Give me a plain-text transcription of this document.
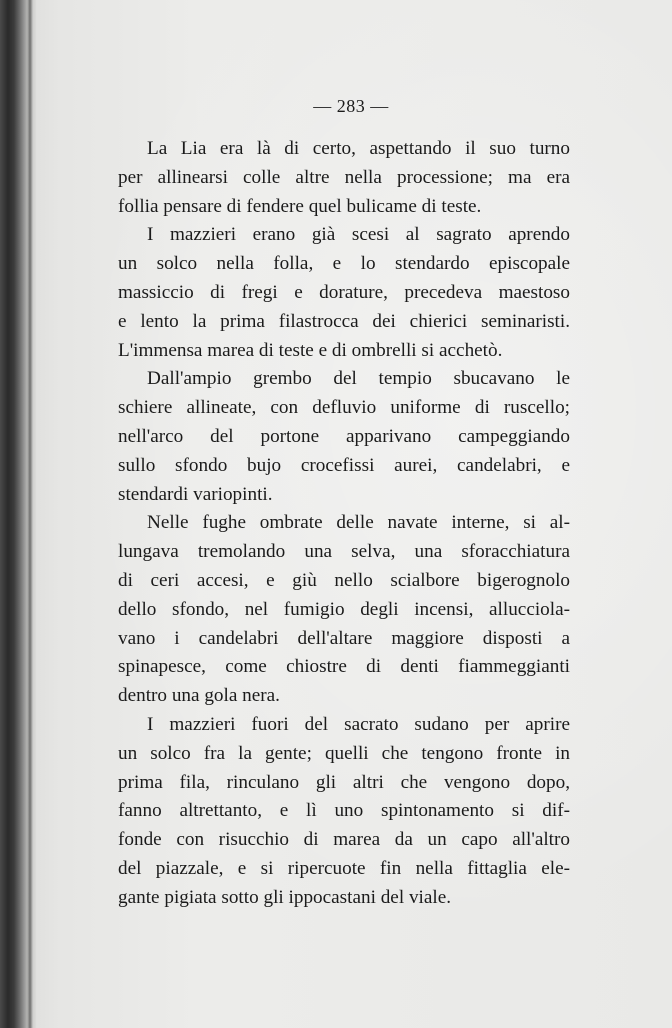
— 283 —
La Lia era là di certo, aspettando il suo turno
per allinearsi colle altre nella processione; ma era
follia pensare di fendere quel bulicame di teste.
I mazzieri erano già scesi al sagrato aprendo
un solco nella folla, e lo stendardo episcopale
massiccio di fregi e dorature, precedeva maestoso
e lento la prima filastrocca dei chierici seminaristi.
L'immensa marea di teste e di ombrelli si acchetò.
Dall'ampio grembo del tempio sbucavano le
schiere allineate, con defluvio uniforme di ruscello;
nell'arco del portone apparivano campeggiando
sullo sfondo bujo crocefissi aurei, candelabri, e
stendardi variopinti.
Nelle fughe ombrate delle navate interne, si al-
lungava tremolando una selva, una sforacchiatura
di ceri accesi, e giù nello scialbore bigerognolo
dello sfondo, nel fumigio degli incensi, allucciola-
vano i candelabri dell'altare maggiore disposti a
spinapesce, come chiostre di denti fiammeggianti
dentro una gola nera.
I mazzieri fuori del sacrato sudano per aprire
un solco fra la gente; quelli che tengono fronte in
prima fila, rinculano gli altri che vengono dopo,
fanno altrettanto, e lì uno spintonamento si dif-
fonde con risucchio di marea da un capo all'altro
del piazzale, e si ripercuote fin nella fittaglia ele-
gante pigiata sotto gli ippocastani del viale.
